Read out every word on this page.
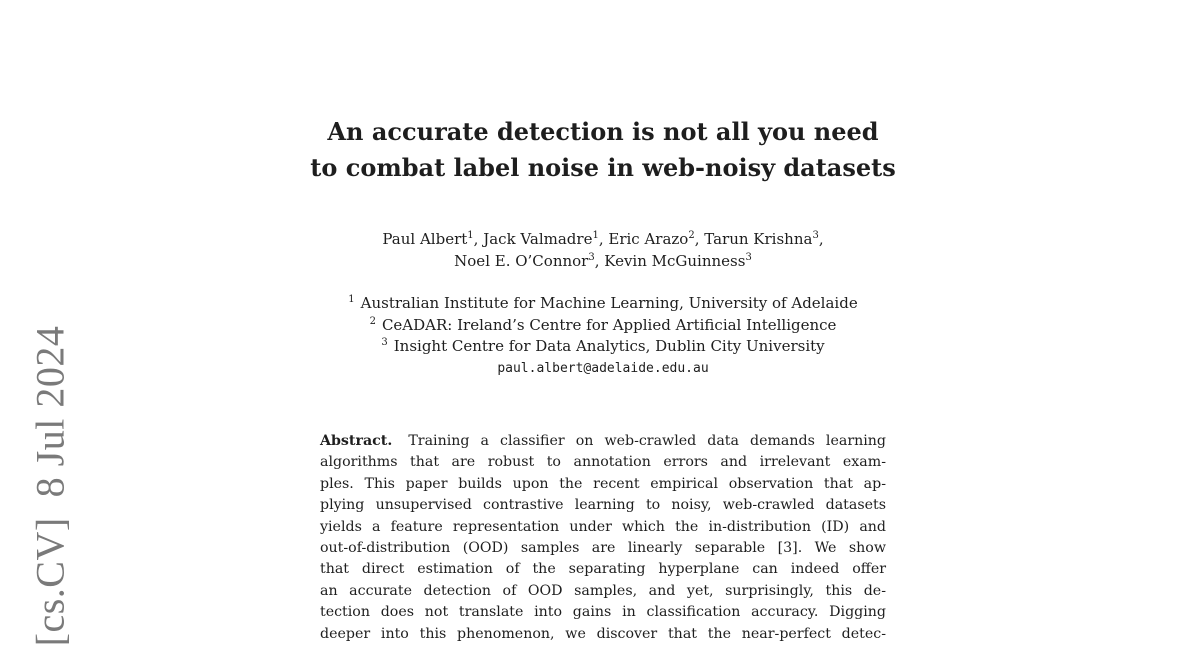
[cs.CV]8 Jul 2024
An accurate detection is not all you need
to combat label noise in web-noisy datasets
Paul Albert$^1$, Jack Valmadre$^1$, Eric Arazo$^2$, Tarun Krishna$^3$,
Noel E. O’Connor$^3$, Kevin McGuinness$^3$
$^1$ Australian Institute for Machine Learning, University of Adelaide
$^2$ CeADAR: Ireland’s Centre for Applied Artificial Intelligence
$^3$ Insight Centre for Data Analytics, Dublin City University
paul.albert@adelaide.edu.au
Abstract. Training a classifier on web-crawled data demands learning
algorithms that are robust to annotation errors and irrelevant exam-
ples. This paper builds upon the recent empirical observation that ap-
plying unsupervised contrastive learning to noisy, web-crawled datasets
yields a feature representation under which the in-distribution (ID) and
out-of-distribution (OOD) samples are linearly separable [3]. We show
that direct estimation of the separating hyperplane can indeed offer
an accurate detection of OOD samples, and yet, surprisingly, this de-
tection does not translate into gains in classification accuracy. Digging
deeper into this phenomenon, we discover that the near-perfect detec-
